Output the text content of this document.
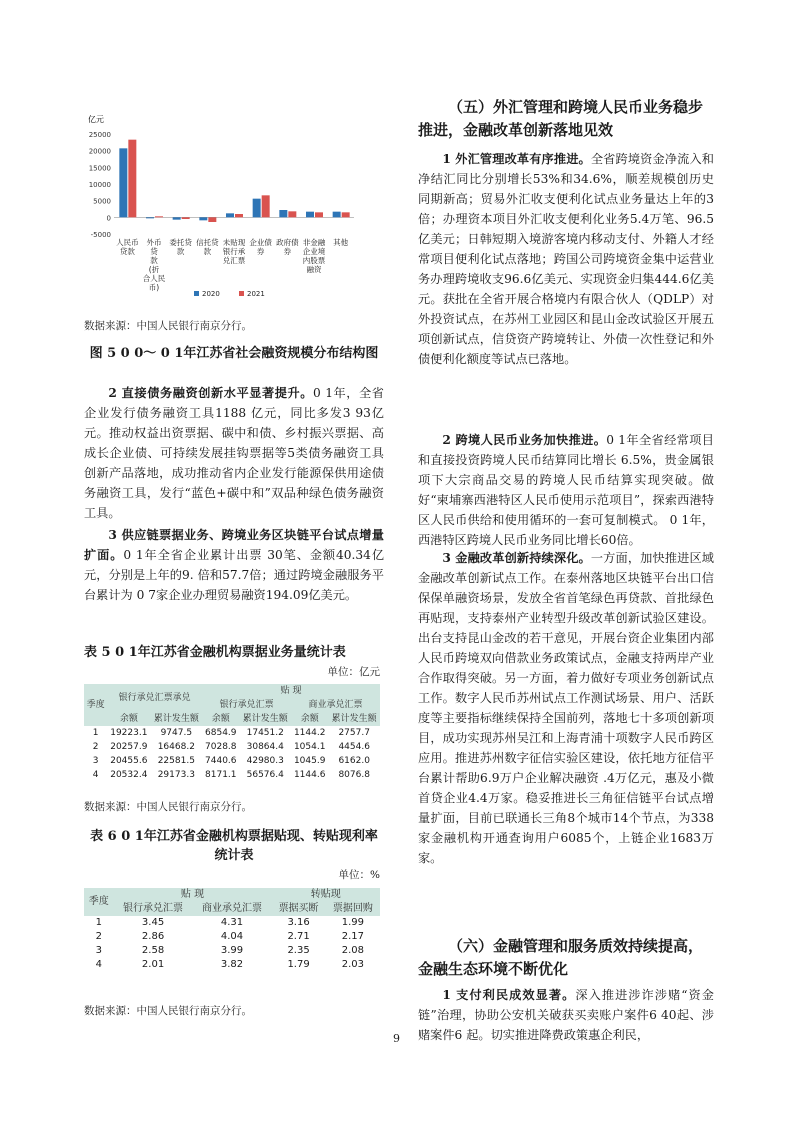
亿元
25000
20000
15000
10000
5000
0
-5000
人民币
贷款
外币
贷
款
(折
合人民
币)
委托贷
款
信托贷
款
未贴现
银行承
兑汇票
企业债
券
政府债
券
非金融
企业境
内股票
融资
其他
2020	2021

数据来源：中国人民银行南京分行。

图 5 0 0～ 0 1年江苏省社会融资规模分布结构图

2 直接债务融资创新水平显著提升。0 1年，全省企业发行债务融资工具1188 亿元，同比多发3 93亿元。推动权益出资票据、碳中和债、乡村振兴票据、高成长企业债、可持续发展挂钩票据等5类债务融资工具创新产品落地，成功推动省内企业发行能源保供用途债务融资工具，发行“蓝色+碳中和”双品种绿色债务融资工具。

3 供应链票据业务、跨境业务区块链平台试点增量扩面。0 1年全省企业累计出票 30笔、金额40.34亿元，分别是上年的9. 倍和57.7倍；通过跨境金融服务平台累计为 0 7家企业办理贸易融资194.09亿美元。

表 5 0 1年江苏省金融机构票据业务量统计表

单位：亿元

季度	银行承兑汇票承兑		贴 现			
			银行承兑汇票		商业承兑汇票	
	余额	累计发生额	余额	累计发生额	余额	累计发生额
1	19223.1	9747.5	6854.9	17451.2	1144.2	2757.7
2	20257.9	16468.2	7028.8	30864.4	1054.1	4454.6
3	20455.6	22581.5	7440.6	42980.3	1045.9	6162.0
4	20532.4	29173.3	8171.1	56576.4	1144.6	8076.8

数据来源：中国人民银行南京分行。

表 6 0 1年江苏省金融机构票据贴现、转贴现利率统计表

单位：%

季度	贴 现		转贴现	
	银行承兑汇票	商业承兑汇票	票据买断	票据回购
1	3.45	4.31	3.16	1.99
2	2.86	4.04	2.71	2.17
3	2.58	3.99	2.35	2.08
4	2.01	3.82	1.79	2.03

数据来源：中国人民银行南京分行。

（五）外汇管理和跨境人民币业务稳步推进，金融改革创新落地见效

1 外汇管理改革有序推进。全省跨境资金净流入和净结汇同比分别增长53%和34.6%，顺差规模创历史同期新高；贸易外汇收支便利化试点业务量达上年的3倍；办理资本项目外汇收支便利化业务5.4万笔、96.5亿美元；日韩短期入境游客境内移动支付、外籍人才经常项目便利化试点落地；跨国公司跨境资金集中运营业务办理跨境收支96.6亿美元、实现资金归集444.6亿美元。获批在全省开展合格境内有限合伙人（QDLP）对外投资试点，在苏州工业园区和昆山金改试验区开展五项创新试点，信贷资产跨境转让、外债一次性登记和外债便利化额度等试点已落地。

2 跨境人民币业务加快推进。0 1年全省经常项目和直接投资跨境人民币结算同比增长 6.5%，贵金属银项下大宗商品交易的跨境人民币结算实现突破。做好“柬埔寨西港特区人民币使用示范项目”，探索西港特区人民币供给和使用循环的一套可复制模式。 0 1年，西港特区跨境人民币业务同比增长60倍。

3 金融改革创新持续深化。一方面，加快推进区域金融改革创新试点工作。在泰州落地区块链平台出口信保保单融资场景，发放全省首笔绿色再贷款、首批绿色再贴现，支持泰州产业转型升级改革创新试验区建设。出台支持昆山金改的若干意见，开展台资企业集团内部人民币跨境双向借款业务政策试点，金融支持两岸产业合作取得突破。另一方面，着力做好专项业务创新试点工作。数字人民币苏州试点工作测试场景、用户、活跃度等主要指标继续保持全国前列，落地七十多项创新项目，成功实现苏州吴江和上海青浦十项数字人民币跨区应用。推进苏州数字征信实验区建设，依托地方征信平台累计帮助6.9万户企业解决融资 .4万亿元，惠及小微首贷企业4.4万家。稳妥推进长三角征信链平台试点增量扩面，目前已联通长三角8个城市14个节点，为338家金融机构开通查询用户6085个，上链企业1683万家。

（六）金融管理和服务质效持续提高，金融生态环境不断优化

1 支付利民成效显著。深入推进涉诈涉赌“资金链”治理，协助公安机关破获买卖账户案件6 40起、涉赌案件6 起。切实推进降费政策惠企利民，

9
